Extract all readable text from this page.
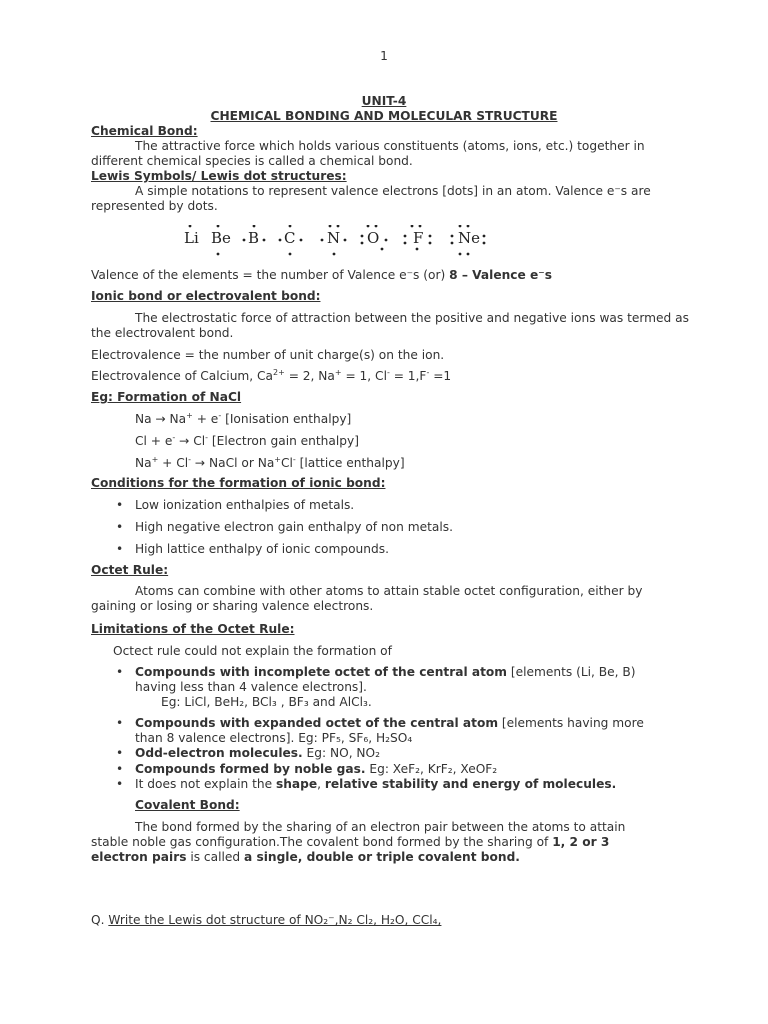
1
UNIT-4
CHEMICAL BONDING AND MOLECULAR STRUCTURE
Chemical Bond:
The attractive force which holds various constituents (atoms, ions, etc.) together in different chemical species is called a chemical bond.
Lewis Symbols/ Lewis dot structures:
A simple notations to represent valence electrons [dots] in an atom. Valence e⁻s are represented by dots.
Li Be B C N O F Ne
Valence of the elements = the number of Valence e⁻s (or) 8 – Valence e⁻s
Ionic bond or electrovalent bond:
The electrostatic force of attraction between the positive and negative ions was termed as the electrovalent bond.
Electrovalence = the number of unit charge(s) on the ion.
Electrovalence of Calcium, $Ca^{2+} = 2$, Na+ = 1, Cl- = 1,F- =1
Eg: Formation of NaCl
Na → Na+ + e- [Ionisation enthalpy]
Cl + e- → Cl- [Electron gain enthalpy]
Na+ + Cl- → NaCl or Na+Cl- [lattice enthalpy]
Conditions for the formation of ionic bond:
• Low ionization enthalpies of metals.
• High negative electron gain enthalpy of non metals.
• High lattice enthalpy of ionic compounds.
Octet Rule:
Atoms can combine with other atoms to attain stable octet configuration, either by gaining or losing or sharing valence electrons.
Limitations of the Octet Rule:
Octect rule could not explain the formation of
• Compounds with incomplete octet of the central atom [elements (Li, Be, B) having less than 4 valence electrons].
Eg: LiCl, BeH₂, BCl₃ , BF₃ and AlCl₃.
• Compounds with expanded octet of the central atom [elements having more than 8 valence electrons]. Eg: PF₅, SF₆, H₂SO₄
• Odd-electron molecules. Eg: NO, NO₂
• Compounds formed by noble gas. Eg: XeF₂, KrF₂, XeOF₂
• It does not explain the shape, relative stability and energy of molecules.
Covalent Bond:
The bond formed by the sharing of an electron pair between the atoms to attain stable noble gas configuration.The covalent bond formed by the sharing of 1, 2 or 3 electron pairs is called a single, double or triple covalent bond.
Q. Write the Lewis dot structure of NO₂⁻,N₂ Cl₂, H₂O, CCl₄,
